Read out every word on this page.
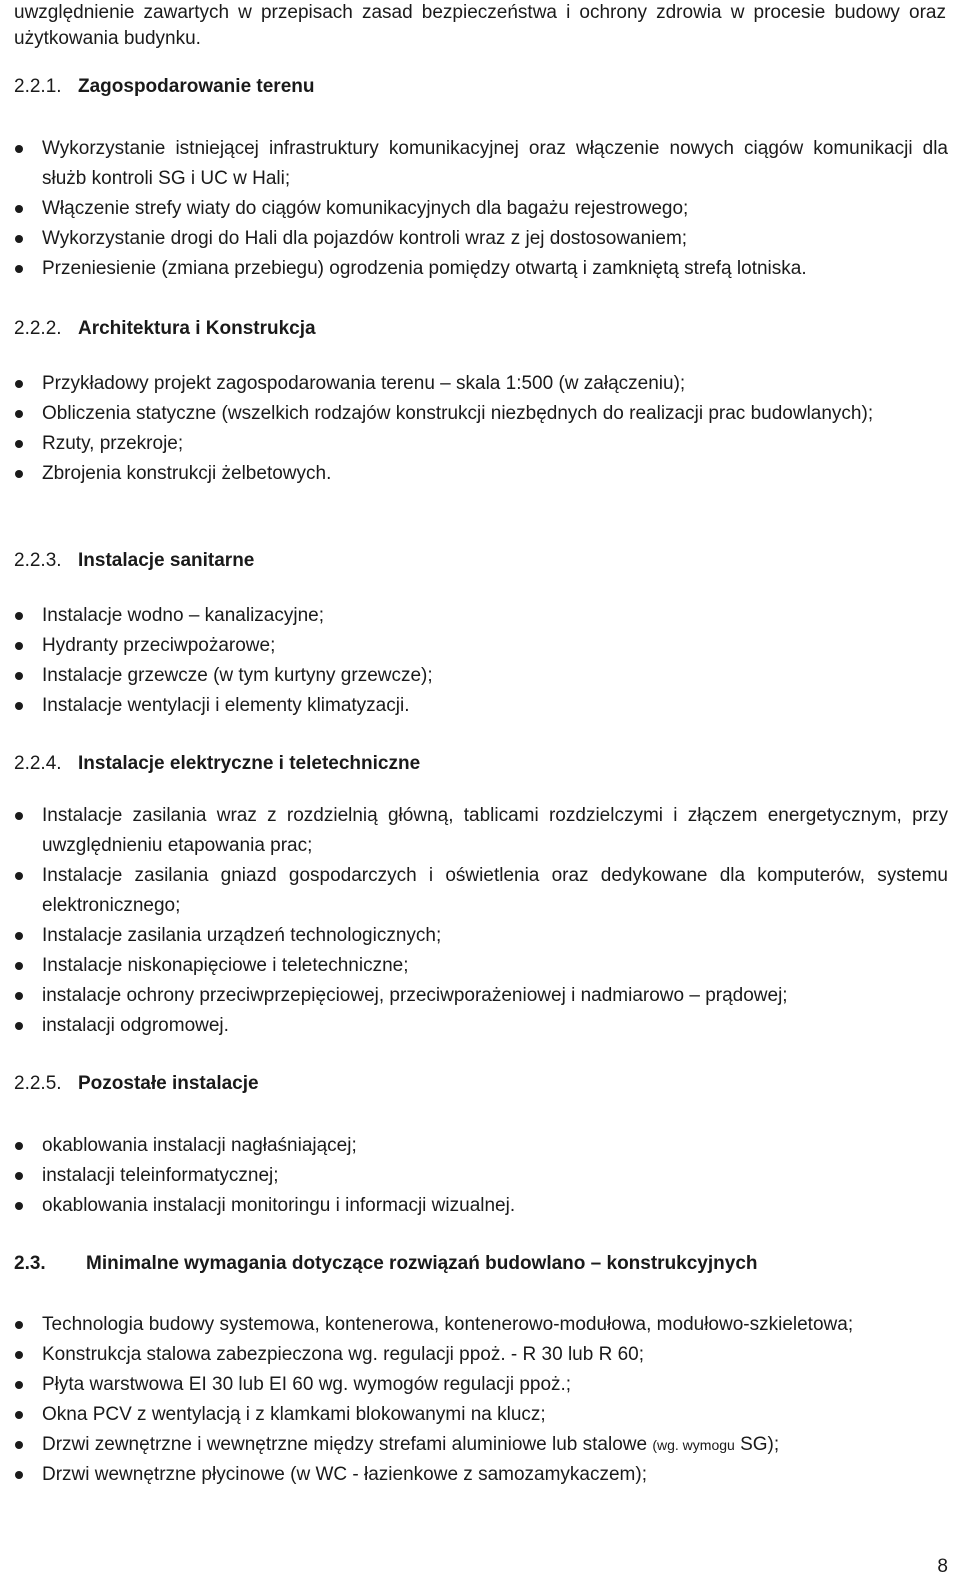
uwzględnienie zawartych w przepisach zasad bezpieczeństwa i ochrony zdrowia w procesie budowy oraz użytkowania budynku.
2.2.1. Zagospodarowanie terenu
Wykorzystanie istniejącej infrastruktury komunikacyjnej oraz włączenie nowych ciągów komunikacji dla służb kontroli SG i UC w Hali;
Włączenie strefy wiaty do ciągów komunikacyjnych dla bagażu rejestrowego;
Wykorzystanie drogi do Hali dla pojazdów kontroli wraz z jej dostosowaniem;
Przeniesienie (zmiana przebiegu) ogrodzenia pomiędzy otwartą i zamkniętą strefą lotniska.
2.2.2. Architektura i Konstrukcja
Przykładowy projekt zagospodarowania terenu – skala 1:500 (w załączeniu);
Obliczenia statyczne (wszelkich rodzajów konstrukcji niezbędnych do realizacji prac budowlanych);
Rzuty, przekroje;
Zbrojenia konstrukcji żelbetowych.
2.2.3. Instalacje sanitarne
Instalacje wodno – kanalizacyjne;
Hydranty przeciwpożarowe;
Instalacje grzewcze (w tym kurtyny grzewcze);
Instalacje wentylacji i elementy klimatyzacji.
2.2.4. Instalacje elektryczne i teletechniczne
Instalacje zasilania wraz z rozdzielnią główną, tablicami rozdzielczymi i złączem energetycznym, przy uwzględnieniu etapowania prac;
Instalacje zasilania gniazd gospodarczych i oświetlenia oraz dedykowane dla komputerów, systemu elektronicznego;
Instalacje zasilania urządzeń technologicznych;
Instalacje niskonapięciowe i teletechniczne;
instalacje ochrony przeciwprzepięciowej, przeciwporażeniowej i nadmiarowo – prądowej;
instalacji odgromowej.
2.2.5. Pozostałe instalacje
okablowania instalacji nagłaśniającej;
instalacji teleinformatycznej;
okablowania instalacji monitoringu i informacji wizualnej.
2.3. Minimalne wymagania dotyczące rozwiązań budowlano – konstrukcyjnych
Technologia budowy systemowa, kontenerowa, kontenerowo-modułowa, modułowo-szkieletowa;
Konstrukcja stalowa zabezpieczona wg. regulacji ppoż. - R 30 lub R 60;
Płyta warstwowa EI 30 lub EI 60 wg. wymogów regulacji ppoż.;
Okna PCV z wentylacją i z klamkami blokowanymi na klucz;
Drzwi zewnętrzne i wewnętrzne między strefami aluminiowe lub stalowe (wg. wymogu SG);
Drzwi wewnętrzne płycinowe (w WC - łazienkowe z samozamykaczem);
8
